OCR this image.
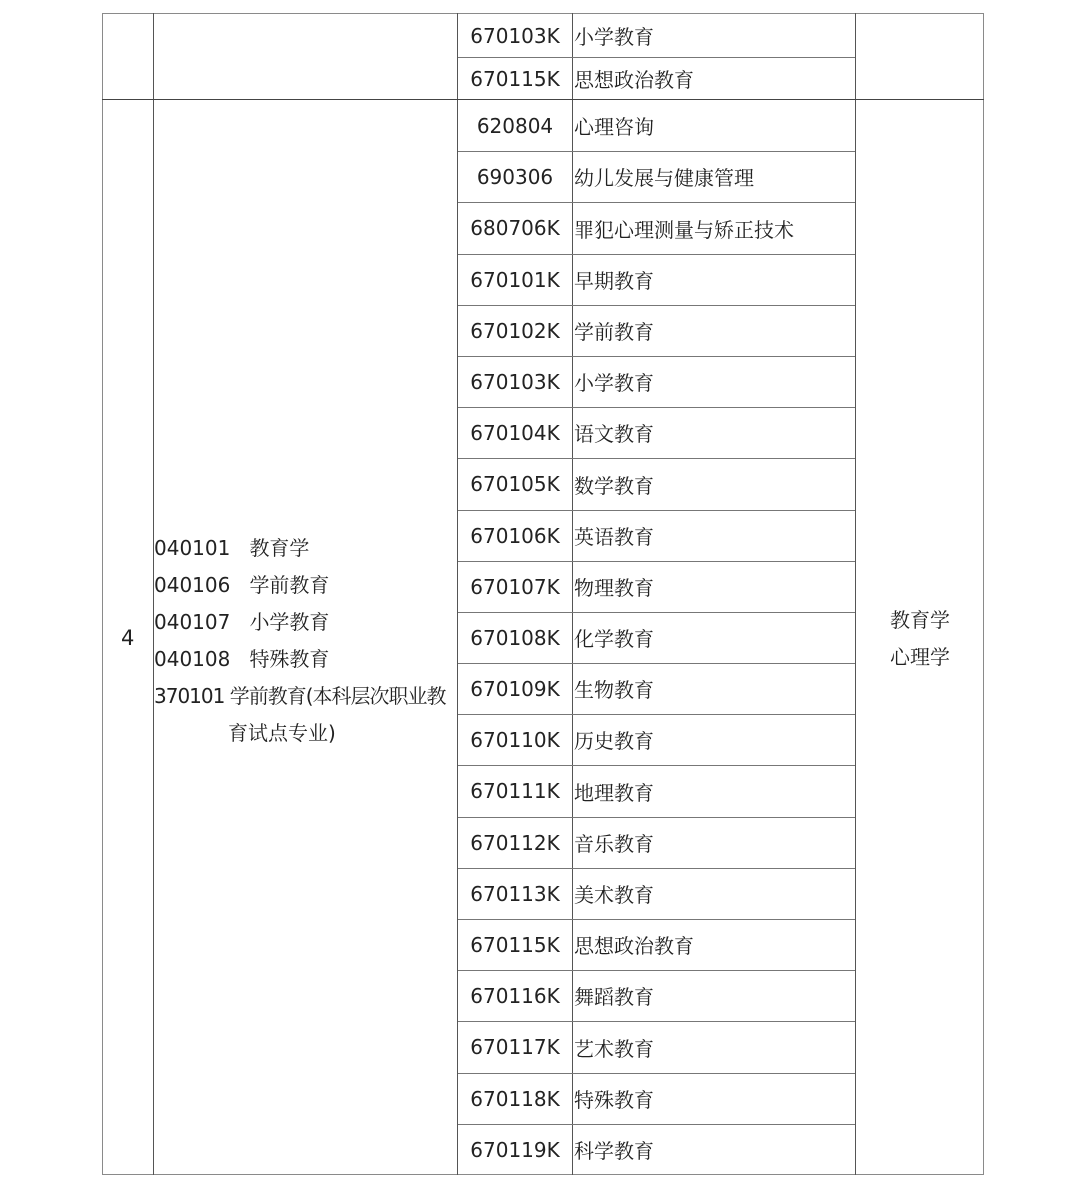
670103K 小学教育
670115K 思想政治教育
4
040101 教育学
040106 学前教育
040107 小学教育
040108 特殊教育
370101 学前教育(本科层次职业教
育试点专业)
教育学
心理学
620804	心理咨询
690306	幼儿发展与健康管理
680706K 罪犯心理测量与矫正技术
670101K 早期教育
670102K 学前教育
670103K 小学教育
670104K 语文教育
670105K 数学教育
670106K 英语教育
670107K 物理教育
670108K 化学教育
670109K 生物教育
670110K 历史教育
670111K 地理教育
670112K 音乐教育
670113K 美术教育
670115K 思想政治教育
670116K 舞蹈教育
670117K 艺术教育
670118K 特殊教育
670119K 科学教育
